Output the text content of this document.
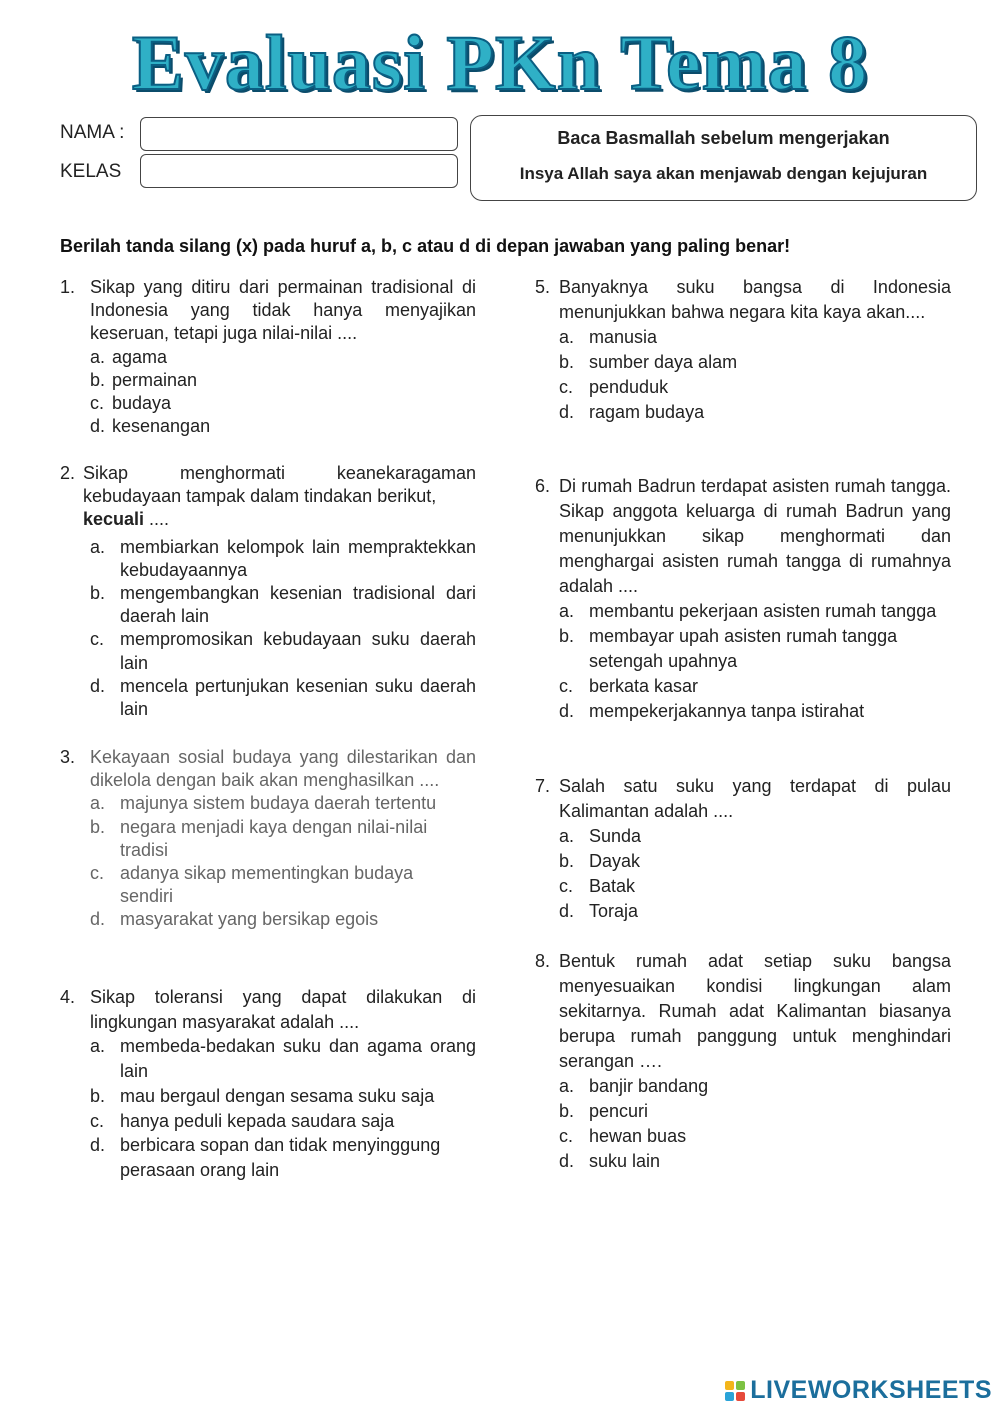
Evaluasi PKn Tema 8
NAMA :
KELAS
Baca Basmallah sebelum mengerjakan
Insya Allah saya akan menjawab dengan kejujuran
Berilah tanda silang (x) pada huruf a, b, c atau d di depan jawaban yang paling benar!
1. Sikap yang ditiru dari permainan tradisional di Indonesia yang tidak hanya menyajikan keseruan, tetapi juga nilai-nilai ....
a. agama
b. permainan
c. budaya
d. kesenangan
2. Sikap menghormati keanekaragaman kebudayaan tampak dalam tindakan berikut,
kecuali ....
a. membiarkan kelompok lain mempraktekkan kebudayaannya
b. mengembangkan kesenian tradisional dari daerah lain
c. mempromosikan kebudayaan suku daerah lain
d. mencela pertunjukan kesenian suku daerah lain
3. Kekayaan sosial budaya yang dilestarikan dan dikelola dengan baik akan menghasilkan ....
a. majunya sistem budaya daerah tertentu
b. negara menjadi kaya dengan nilai-nilai tradisi
c. adanya sikap mementingkan budaya sendiri
d. masyarakat yang bersikap egois
4. Sikap toleransi yang dapat dilakukan di lingkungan masyarakat adalah ....
a. membeda-bedakan suku dan agama orang lain
b. mau bergaul dengan sesama suku saja
c. hanya peduli kepada saudara saja
d. berbicara sopan dan tidak menyinggung perasaan orang lain
5. Banyaknya suku bangsa di Indonesia menunjukkan bahwa negara kita kaya akan....
a. manusia
b. sumber daya alam
c. penduduk
d. ragam budaya
6. Di rumah Badrun terdapat asisten rumah tangga. Sikap anggota keluarga di rumah Badrun yang menunjukkan sikap menghormati dan menghargai asisten rumah tangga di rumahnya adalah ....
a. membantu pekerjaan asisten rumah tangga
b. membayar upah asisten rumah tangga setengah upahnya
c. berkata kasar
d. mempekerjakannya tanpa istirahat
7. Salah satu suku yang terdapat di pulau Kalimantan adalah ....
a. Sunda
b. Dayak
c. Batak
d. Toraja
8. Bentuk rumah adat setiap suku bangsa menyesuaikan kondisi lingkungan alam sekitarnya. Rumah adat Kalimantan biasanya berupa rumah panggung untuk menghindari serangan ….
a. banjir bandang
b. pencuri
c. hewan buas
d. suku lain
LIVEWORKSHEETS
